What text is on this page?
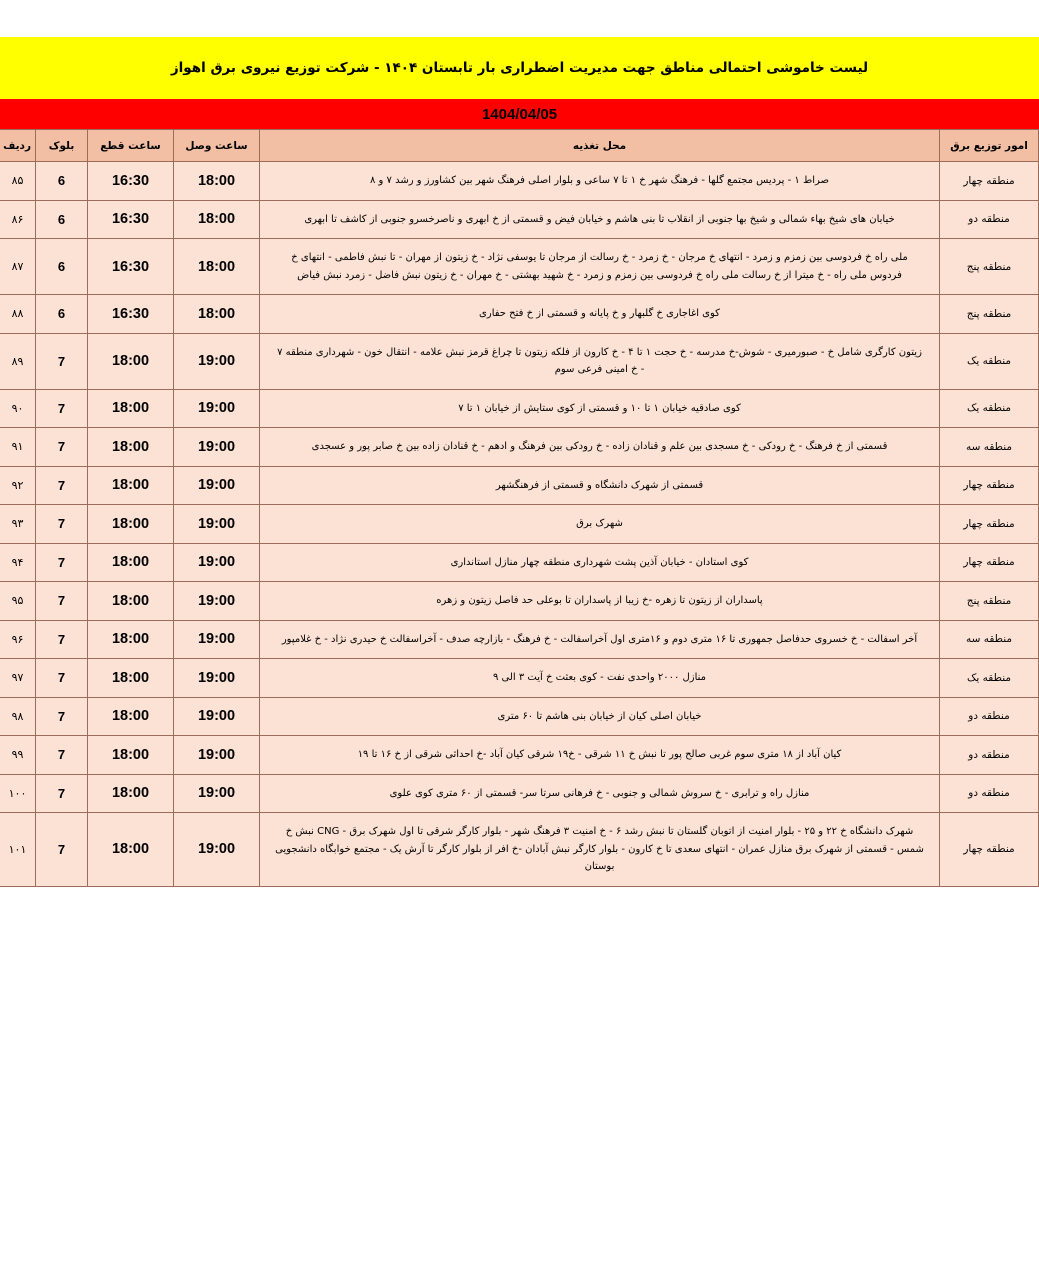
لیست خاموشی احتمالی مناطق جهت مدیریت اضطراری بار تابستان ۱۴۰۴ - شرکت توزیع نیروی برق اهواز
1404/04/05
امور توزیع برق	محل تغذیه	ساعت وصل	ساعت قطع	بلوک	ردیف
منطقه چهار	صراط ۱ - پردیس مجتمع گلها - فرهنگ شهر خ ۱ تا ۷ ساعی و بلوار اصلی فرهنگ شهر بین کشاورز و رشد ۷ و ۸	18:00	16:30	6	۸۵
منطقه دو	خیابان های شیخ بهاء شمالی و شیخ بها جنوبی از انقلاب تا بنی هاشم و خیابان فیض و قسمتی از خ ابهری و ناصرخسرو جنوبی از کاشف تا ابهری	18:00	16:30	6	۸۶
منطقه پنج	ملی راه خ فردوسی بین زمزم و زمرد - انتهای خ مرجان - خ زمرد - خ رسالت از مرجان تا یوسفی نژاد - خ زیتون از مهران - تا نبش فاطمی - انتهای خ فردوس ملی راه - خ میترا از خ رسالت ملی راه خ فردوسی بین زمزم و زمرد - خ شهید بهشتی - خ مهران - خ زیتون نبش فاضل - زمرد نبش فیاض	18:00	16:30	6	۸۷
منطقه پنج	کوی اغاجاری خ گلبهار و خ پایانه و قسمتی از خ فتح حفاری	18:00	16:30	6	۸۸
منطقه یک	زیتون کارگری شامل خ - صبورمیری - شوش-خ مدرسه - خ حجت ۱ تا ۴ - خ کارون از فلکه زیتون تا چراغ قرمز نبش علامه - انتقال خون - شهرداری منطقه ۷ - خ امینی فرعی سوم	19:00	18:00	7	۸۹
منطقه یک	کوی صادقیه خیابان ۱ تا ۱۰ و قسمتی از کوی ستایش از خیابان ۱ تا ۷	19:00	18:00	7	۹۰
منطقه سه	قسمتی از خ فرهنگ - خ رودکی - خ مسجدی بین علم و قنادان زاده - خ رودکی بین فرهنگ و ادهم - خ قنادان زاده بین خ صابر پور و عسجدی	19:00	18:00	7	۹۱
منطقه چهار	قسمتی از شهرک دانشگاه و قسمتی از فرهنگشهر	19:00	18:00	7	۹۲
منطقه چهار	شهرک برق	19:00	18:00	7	۹۳
منطقه چهار	کوی استادان - خیابان آذین پشت شهرداری منطقه چهار منازل استانداری	19:00	18:00	7	۹۴
منطقه پنج	پاسداران از زیتون تا زهره -خ زیبا از پاسداران تا بوعلی حد فاصل زیتون و زهره	19:00	18:00	7	۹۵
منطقه سه	آخر اسفالت - خ خسروی حدفاصل جمهوری تا ۱۶ متری دوم و ۱۶متری اول آخراسفالت - خ فرهنگ - بازارچه صدف - آخراسفالت خ حیدری نژاد - خ غلامپور	19:00	18:00	7	۹۶
منطقه یک	منازل ۲۰۰۰ واحدی نفت - کوی بعثت خ آیت ۳ الی ۹	19:00	18:00	7	۹۷
منطقه دو	خیابان اصلی کیان از خیابان بنی هاشم تا ۶۰ متری	19:00	18:00	7	۹۸
منطقه دو	کیان آباد از ۱۸ متری سوم غربی صالح پور تا نبش خ ۱۱ شرقی - خ۱۹ شرقی کیان آباد -خ احداثی شرقی از خ ۱۶ تا ۱۹	19:00	18:00	7	۹۹
منطقه دو	منازل راه و ترابری - خ سروش شمالی و جنوبی - خ فرهانی سرتا سر- قسمتی از ۶۰ متری کوی علوی	19:00	18:00	7	۱۰۰
منطقه چهار	شهرک دانشگاه خ ۲۲ و ۲۵ - بلوار امنیت از اتوبان گلستان تا نبش رشد ۶ - خ امنیت ۳ فرهنگ شهر - بلوار کارگر شرقی تا اول شهرک برق - CNG نبش خ شمس - قسمتی از شهرک برق منازل عمران - انتهای سعدی تا خ کارون - بلوار کارگر نبش آبادان -خ افر از بلوار کارگر تا آرش یک - مجتمع خوابگاه دانشجویی بوستان	19:00	18:00	7	۱۰۱
